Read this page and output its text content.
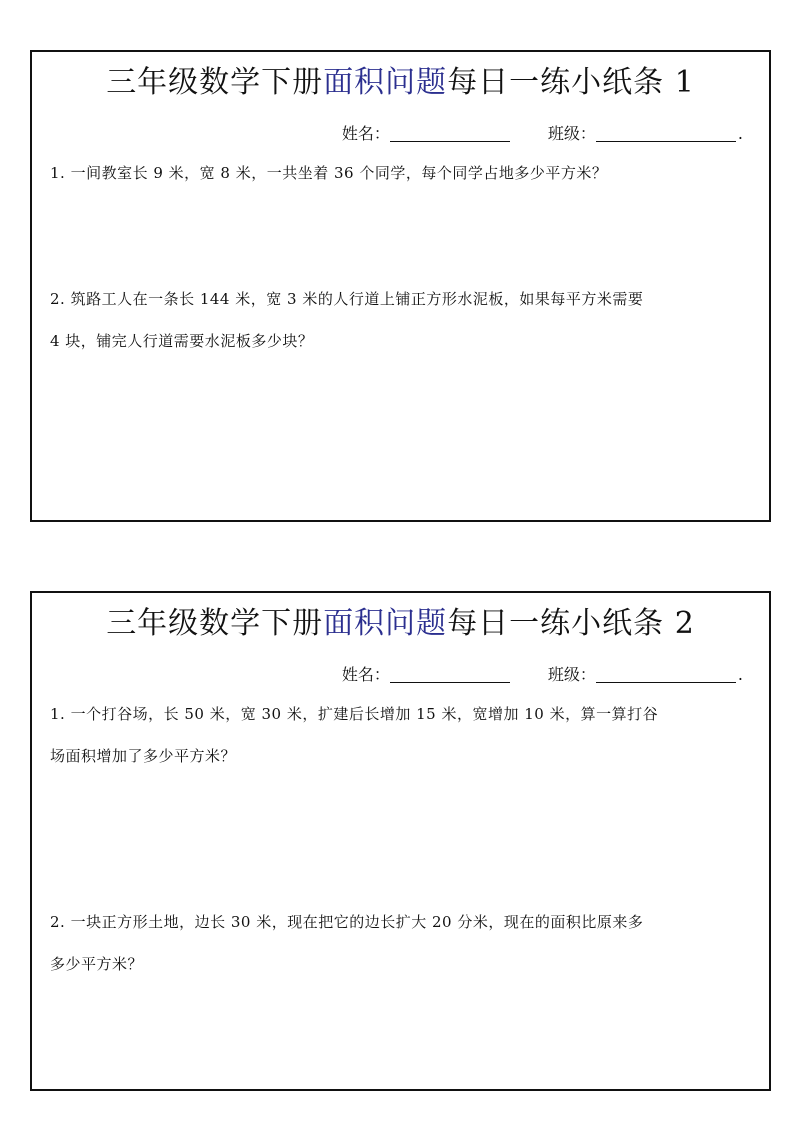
三年级数学下册面积问题每日一练小纸条 1
姓名：	班级：	.
1. 一间教室长 9 米，宽 8 米，一共坐着 36 个同学，每个同学占地多少平方米？
2. 筑路工人在一条长 144 米，宽 3 米的人行道上铺正方形水泥板，如果每平方米需要
4 块，铺完人行道需要水泥板多少块？
三年级数学下册面积问题每日一练小纸条 2
姓名：	班级：	.
1. 一个打谷场，长 50 米，宽 30 米，扩建后长增加 15 米，宽增加 10 米，算一算打谷
场面积增加了多少平方米？
2. 一块正方形土地，边长 30 米，现在把它的边长扩大 20 分米，现在的面积比原来多
多少平方米？
